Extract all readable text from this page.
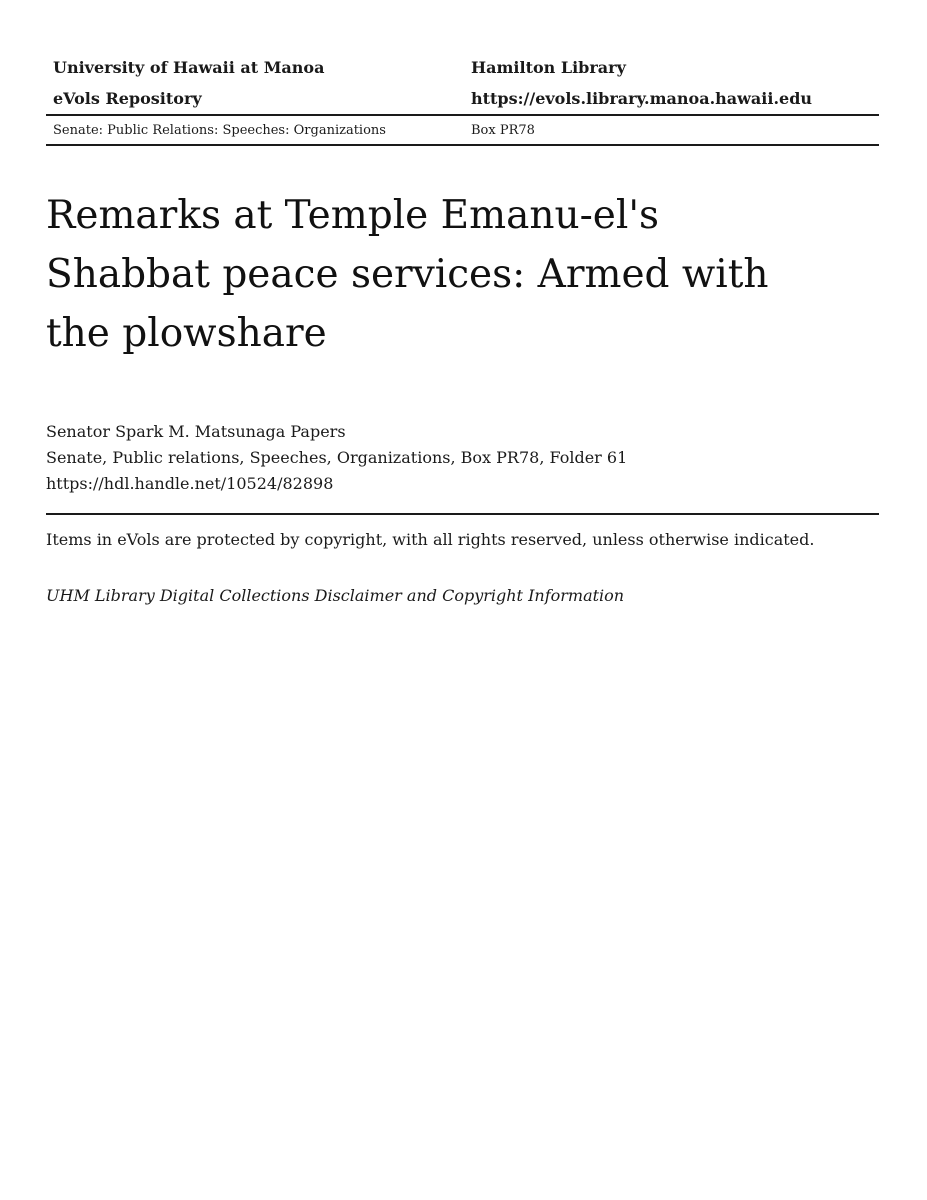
University of Hawaii at Manoa	Hamilton Library
eVols Repository	https://evols.library.manoa.hawaii.edu
Senate: Public Relations: Speeches: Organizations	Box PR78
Remarks at Temple Emanu-el's
Shabbat peace services: Armed with
the plowshare
Senator Spark M. Matsunaga Papers
Senate, Public relations, Speeches, Organizations, Box PR78, Folder 61
https://hdl.handle.net/10524/82898
Items in eVols are protected by copyright, with all rights reserved, unless otherwise indicated.
UHM Library Digital Collections Disclaimer and Copyright Information
